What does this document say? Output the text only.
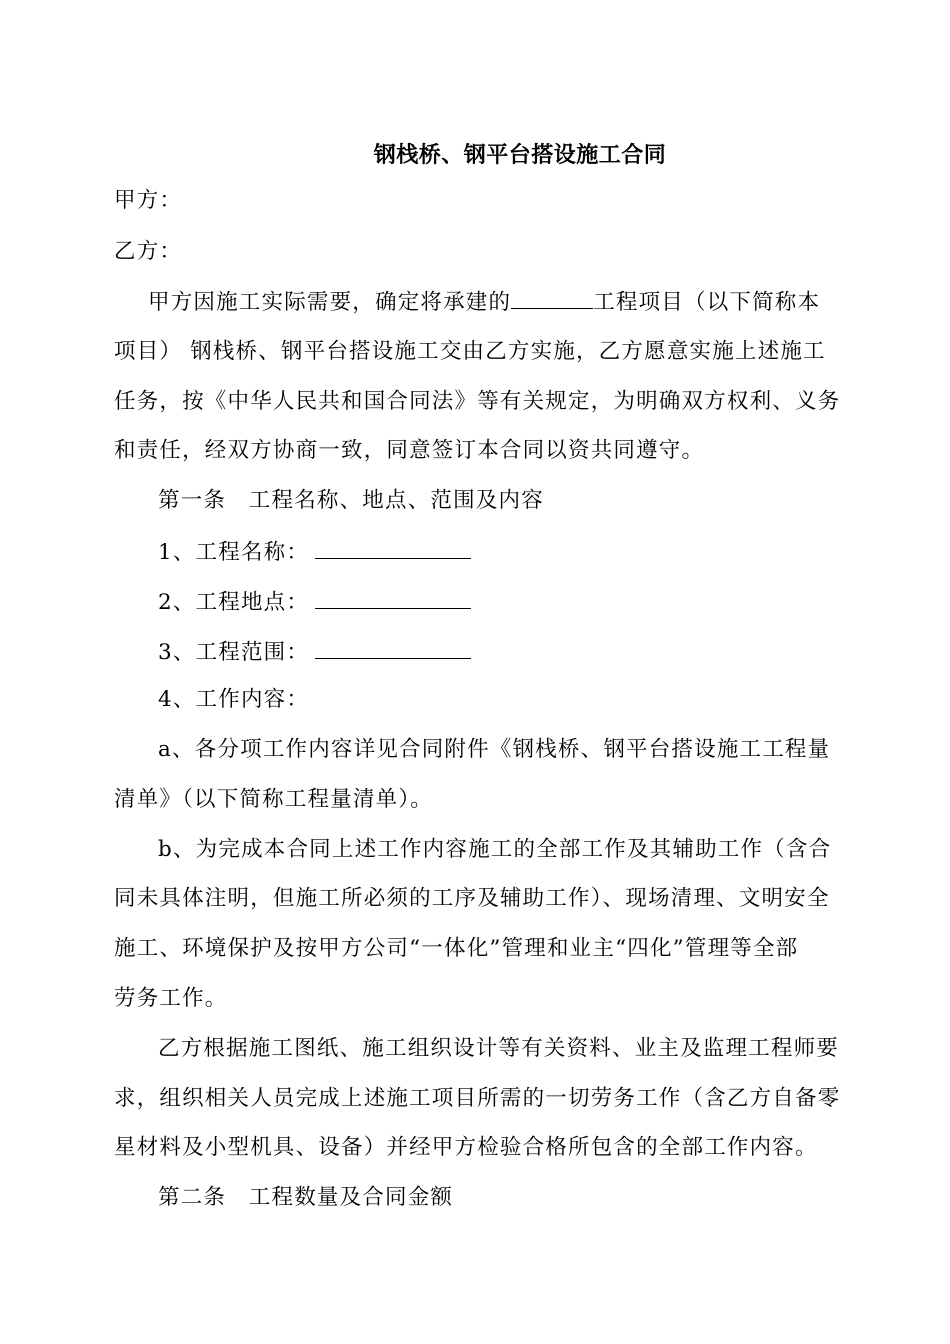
钢栈桥、钢平台搭设施工合同
甲方：
乙方：
甲方因施工实际需要，确定将承建的	工程项目（以下简称本
项目） 钢栈桥、钢平台搭设施工交由乙方实施，乙方愿意实施上述施工
任务，按《中华人民共和国合同法》等有关规定，为明确双方权利、义务
和责任，经双方协商一致，同意签订本合同以资共同遵守。
第一条　工程名称、地点、范围及内容
1、工程名称：
2、工程地点：
3、工程范围：
4、工作内容：
a、各分项工作内容详见合同附件《钢栈桥、钢平台搭设施工工程量
清单》（以下简称工程量清单）。
b、为完成本合同上述工作内容施工的全部工作及其辅助工作（含合
同未具体注明，但施工所必须的工序及辅助工作）、现场清理、文明安全
施工、环境保护及按甲方公司“一体化”管理和业主“四化”管理等全部
劳务工作。
乙方根据施工图纸、施工组织设计等有关资料、业主及监理工程师要
求，组织相关人员完成上述施工项目所需的一切劳务工作（含乙方自备零
星材料及小型机具、设备）并经甲方检验合格所包含的全部工作内容。
第二条　工程数量及合同金额
